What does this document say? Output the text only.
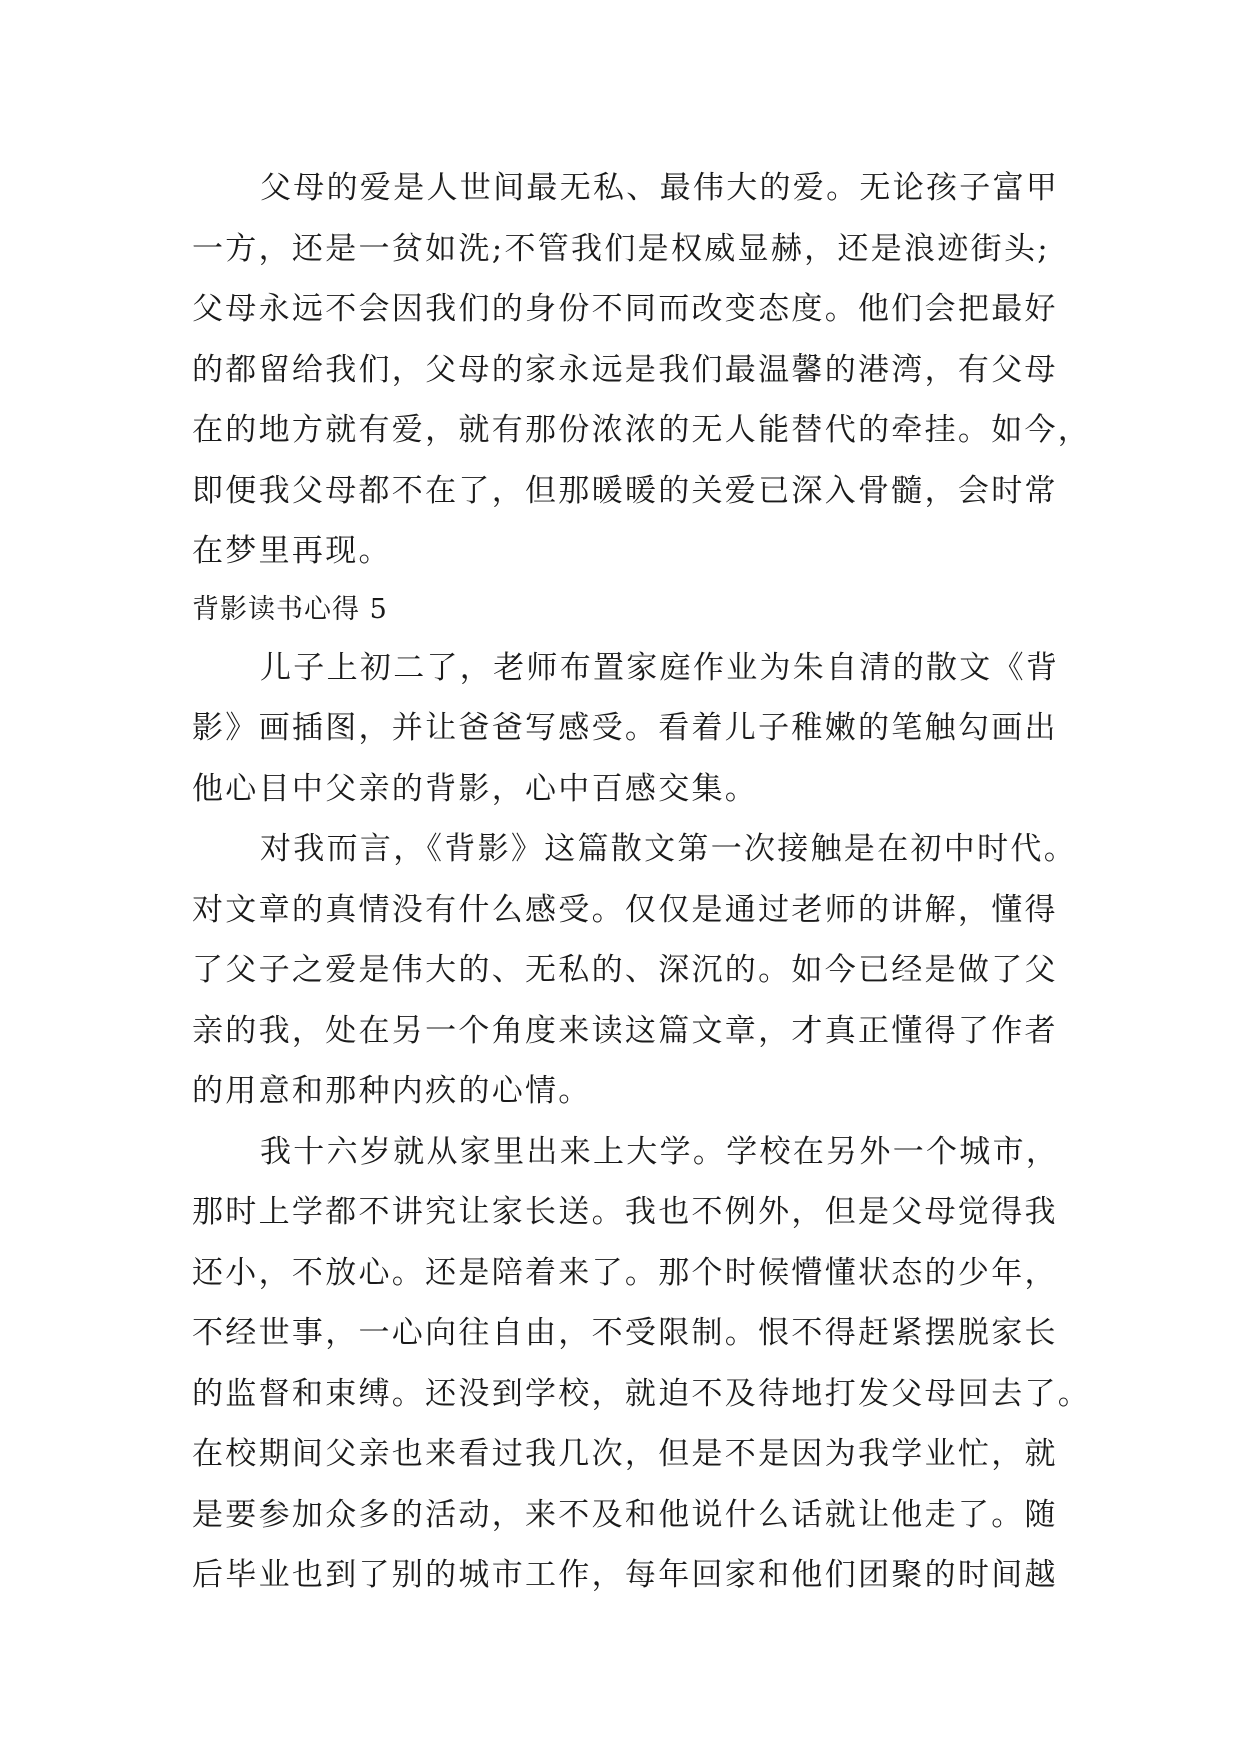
父母的爱是人世间最无私、最伟大的爱。无论孩子富甲
一方，还是一贫如洗;不管我们是权威显赫，还是浪迹街头;
父母永远不会因我们的身份不同而改变态度。他们会把最好
的都留给我们，父母的家永远是我们最温馨的港湾，有父母
在的地方就有爱，就有那份浓浓的无人能替代的牵挂。如今，
即便我父母都不在了，但那暖暖的关爱已深入骨髓，会时常
在梦里再现。
背影读书心得 5
儿子上初二了，老师布置家庭作业为朱自清的散文《背
影》画插图，并让爸爸写感受。看着儿子稚嫩的笔触勾画出
他心目中父亲的背影，心中百感交集。
对我而言，《背影》这篇散文第一次接触是在初中时代。
对文章的真情没有什么感受。仅仅是通过老师的讲解，懂得
了父子之爱是伟大的、无私的、深沉的。如今已经是做了父
亲的我，处在另一个角度来读这篇文章，才真正懂得了作者
的用意和那种内疚的心情。
我十六岁就从家里出来上大学。学校在另外一个城市，
那时上学都不讲究让家长送。我也不例外，但是父母觉得我
还小，不放心。还是陪着来了。那个时候懵懂状态的少年，
不经世事，一心向往自由，不受限制。恨不得赶紧摆脱家长
的监督和束缚。还没到学校，就迫不及待地打发父母回去了。
在校期间父亲也来看过我几次，但是不是因为我学业忙，就
是要参加众多的活动，来不及和他说什么话就让他走了。随
后毕业也到了别的城市工作，每年回家和他们团聚的时间越
